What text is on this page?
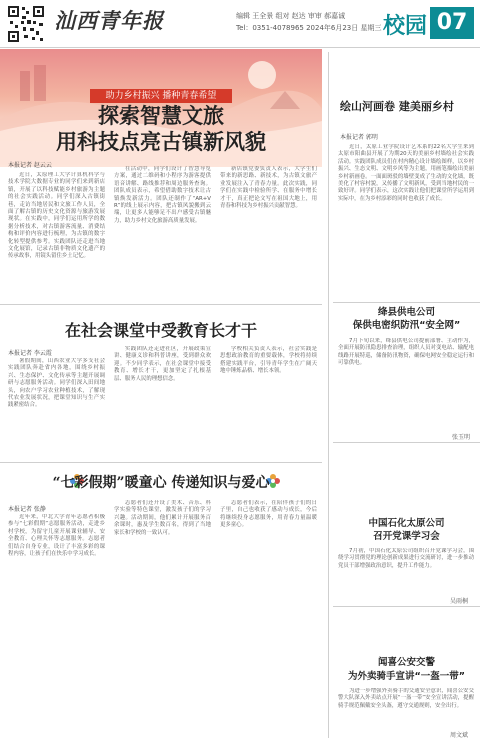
汕西青年报	编辑 王全景 组对 赵达 审审 郝嘉诚
Tel：0351-4078965 2024年6月23日 星期三 校园 07
助力乡村振兴 播种青春希望
探索智慧文旅
用科技点亮古镇新风貌
本报记者 赵云云

近日，太原理工大学计算机科学与技术学院大数据专业的同学们来到新店镇，开展了以科技赋能乡村旅游为主题的社会实践活动。同学们深入古镇街巷，走访当地居民和文旅工作人员，全面了解古镇的历史文化资源与旅游发展现状。在实践中，同学们运用所学的数据分析技术，对古镇游客流量、消费结构和评价内容进行梳理，为古镇的数字化转型提供参考。实践团队还走进当地文化展馆，记录古镇非物质文化遗产的传承故事，用镜头留住乡土记忆。

在活动中，同学们设计了智慧导览方案，通过二维码和小程序为游客提供语音讲解、路线推荐和周边服务查询。团队成员表示，希望借助数字技术让古镇焕发新活力。团队还制作了“AR+VR”的线上展示内容，把古镇风貌搬到云端，让更多人能够足不出户感受古镇魅力，助力乡村文化旅游高质量发展。

新店镇党委负责人表示，大学生们带来的新思路、新技术，为古镇文旅产业发展注入了青春力量。此次实践，同学们在实践中检验所学、在服务中增长才干，真正把论文写在祖国大地上，用青春和科技为乡村振兴贡献智慧。

绘山河画卷 建美丽乡村
本报记者 郭明

近日，太原工业学院设计艺术系的22名大学生来到太原市阳曲县开展了为期20天的美丽乡村墙绘社会实践活动。实践团队成员们在村内精心设计墙绘图样，以乡村振兴、生态文明、文明乡风等为主题，用画笔描绘出美丽乡村新画卷。一面面斑驳的墙壁变成了生动的文化墙，既美化了村容村貌，又传播了文明新风，受到当地村民的一致好评。同学们表示，这次实践让他们把课堂所学运用到实际中，在为乡村添彩的同时也收获了成长。

在社会课堂中受教育长才干
本报记者 李云霞

暑假期间，山西农业大学多支社会实践团队奔赴省内各地，围绕乡村振兴、生态保护、文化传承等主题开展调研与志愿服务活动。同学们深入田间地头，向农户学习农业种植技术，了解现代农业发展状况，把课堂知识与生产实践紧密结合。

实践团队还走进社区，开展政策宣讲、健康义诊和科普讲座，受到群众欢迎。不少同学表示，在社会课堂中接受教育、增长才干，更加坚定了扎根基层、服务人民的理想信念。

学校相关负责人表示，社会实践是思想政治教育的重要载体，学校将持续搭建实践平台，引导青年学生在广阔天地中锤炼品格、增长本领。

“七彩假期”暖童心 传递知识与爱心
本报记者 张静

近年来，中北大学青年志愿者积极参与“七彩假期”志愿服务活动，走进乡村学校，为留守儿童开展课业辅导、安全教育、心理关怀等志愿服务。志愿者们结合自身专业，设计了丰富多彩的课程内容，让孩子们在快乐中学习成长。

志愿者们还开设了美术、音乐、科学实验等特色课堂，激发孩子们的学习兴趣。活动期间，他们累计开展服务百余课时，惠及学生数百名，得到了当地家长和学校的一致认可。

志愿者们表示，在陪伴孩子们的日子里，自己也收获了感动与成长，今后将继续投身志愿服务，用青春力量温暖更多童心。

绛县供电公司
保供电密织防汛“安全网”

7月下旬以来，绛县供电公司提前部署、主动作为，全面开展防汛隐患排查治理，组织人员对变电站、输配电线路开展特巡，储备防汛物资，确保电网安全稳定运行和可靠供电。

张玉明
中国石化太原公司
召开党课学习会

7月初，中国石化太原公司组织召开党课学习会，围绕学习贯彻党的理论创新成果进行交流研讨，进一步推动党员干部增强政治意识，提升工作能力。

吴雨桐
闻喜公安交警
为外卖骑手宣讲“一盔一带”

为进一步增强外卖骑手的交通安全意识，闻喜公安交警大队深入外卖站点开展“一盔一带”安全宣讲活动，提醒骑手规范佩戴安全头盔，遵守交通规则，安全出行。

周文斌
